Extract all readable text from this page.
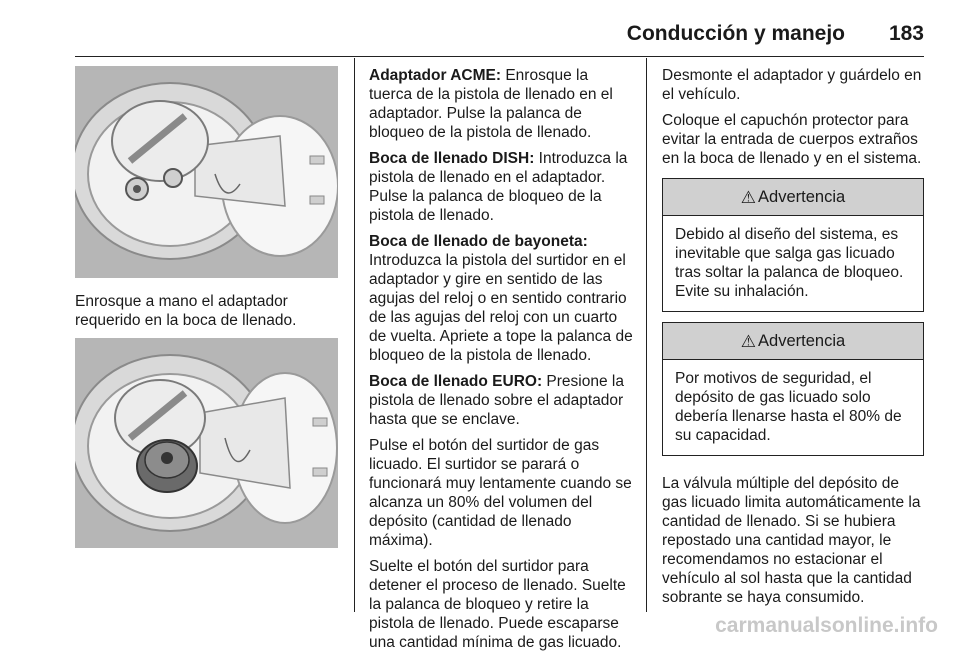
Conducción y manejo 183
Enrosque a mano el adaptador requerido en la boca de llenado.

Adaptador ACME: Enrosque la tuerca de la pistola de llenado en el adaptador. Pulse la palanca de bloqueo de la pistola de llenado.

Boca de llenado DISH: Introduzca la pistola de llenado en el adaptador. Pulse la palanca de bloqueo de la pistola de llenado.

Boca de llenado de bayoneta: Introduzca la pistola del surtidor en el adaptador y gire en sentido de las agujas del reloj o en sentido contrario de las agujas del reloj con un cuarto de vuelta. Apriete a tope la palanca de bloqueo de la pistola de llenado.

Boca de llenado EURO: Presione la pistola de llenado sobre el adaptador hasta que se enclave.

Pulse el botón del surtidor de gas licuado. El surtidor se parará o funcionará muy lentamente cuando se alcanza un 80% del volumen del depósito (cantidad de llenado máxima).

Suelte el botón del surtidor para detener el proceso de llenado. Suelte la palanca de bloqueo y retire la pistola de llenado. Puede escaparse una cantidad mínima de gas licuado.

Desmonte el adaptador y guárdelo en el vehículo.

Coloque el capuchón protector para evitar la entrada de cuerpos extraños en la boca de llenado y en el sistema.

⚠ Advertencia
Debido al diseño del sistema, es inevitable que salga gas licuado tras soltar la palanca de bloqueo. Evite su inhalación.
⚠ Advertencia
Por motivos de seguridad, el depósito de gas licuado solo debería llenarse hasta el 80% de su capacidad.

La válvula múltiple del depósito de gas licuado limita automáticamente la cantidad de llenado. Si se hubiera repostado una cantidad mayor, le recomendamos no estacionar el vehículo al sol hasta que la cantidad sobrante se haya consumido.

carmanualsonline.info
